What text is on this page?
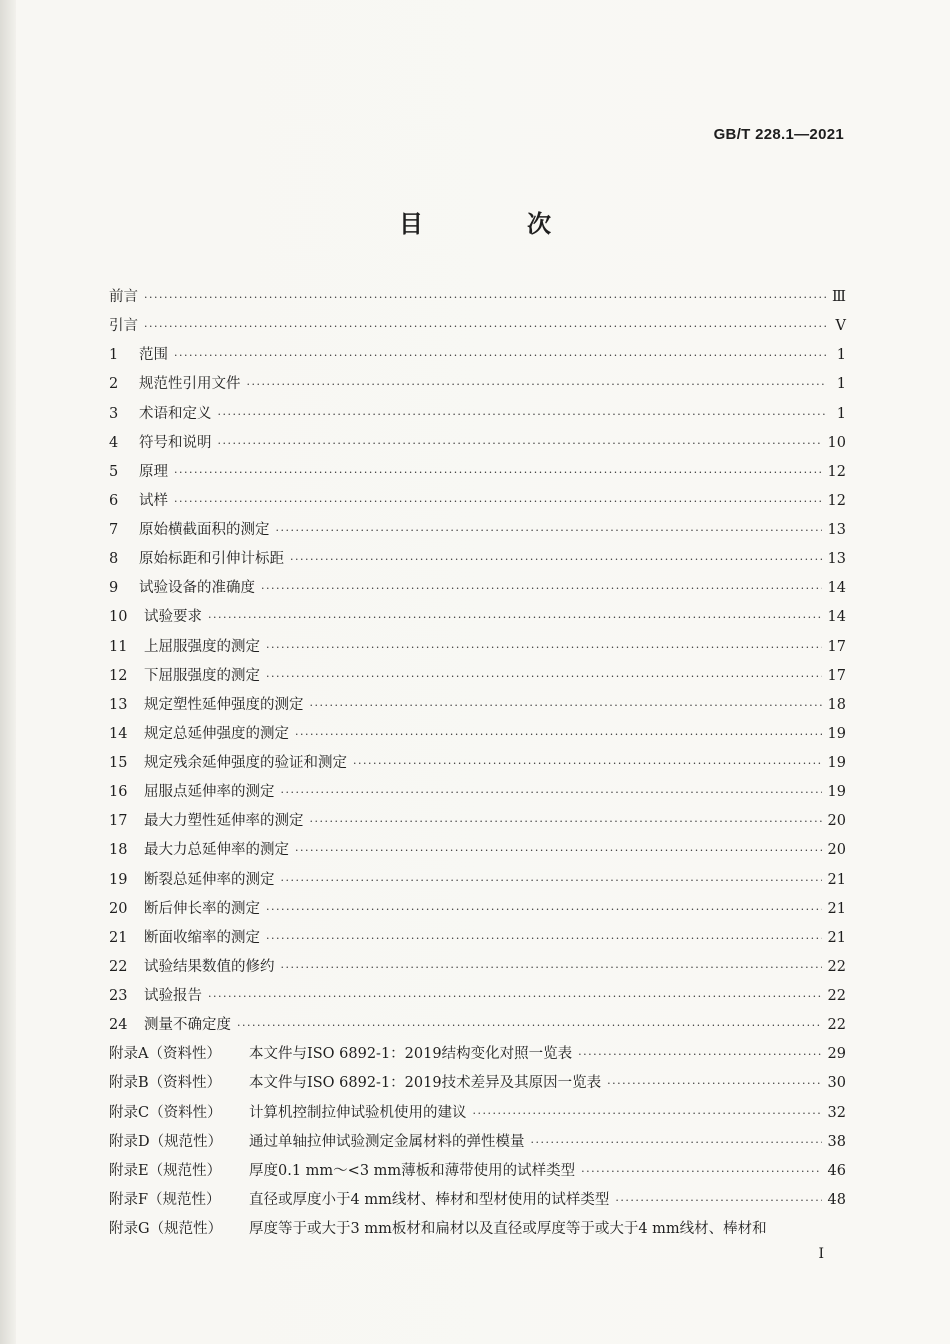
GB/T 228.1—2021
目　次
前言 ·····	Ⅲ
引言 ·····	Ⅴ
1	范围 ·····	1
2	规范性引用文件 ·····	1
3	术语和定义 ·····	1
4	符号和说明 ·····	10
5	原理 ·····	12
6	试样 ·····	12
7	原始横截面积的测定 ·····	13
8	原始标距和引伸计标距 ·····	13
9	试验设备的准确度 ·····	14
10	试验要求 ·····	14
11	上屈服强度的测定 ·····	17
12	下屈服强度的测定 ·····	17
13	规定塑性延伸强度的测定 ·····	18
14	规定总延伸强度的测定 ·····	19
15	规定残余延伸强度的验证和测定 ·····	19
16	屈服点延伸率的测定 ·····	19
17	最大力塑性延伸率的测定 ·····	20
18	最大力总延伸率的测定 ·····	20
19	断裂总延伸率的测定 ·····	21
20	断后伸长率的测定 ·····	21
21	断面收缩率的测定 ·····	21
22	试验结果数值的修约 ·····	22
23	试验报告 ·····	22
24	测量不确定度 ·····	22
附录A（资料性）	本文件与ISO 6892-1：2019结构变化对照一览表 ·····	29
附录B（资料性）	本文件与ISO 6892-1：2019技术差异及其原因一览表 ·····	30
附录C（资料性）	计算机控制拉伸试验机使用的建议 ·····	32
附录D（规范性）	通过单轴拉伸试验测定金属材料的弹性模量 ·····	38
附录E（规范性）	厚度0.1 mm～<3 mm薄板和薄带使用的试样类型 ·····	46
附录F（规范性）	直径或厚度小于4 mm线材、棒材和型材使用的试样类型 ·····	48
附录G（规范性）	厚度等于或大于3 mm板材和扁材以及直径或厚度等于或大于4 mm线材、棒材和
I
